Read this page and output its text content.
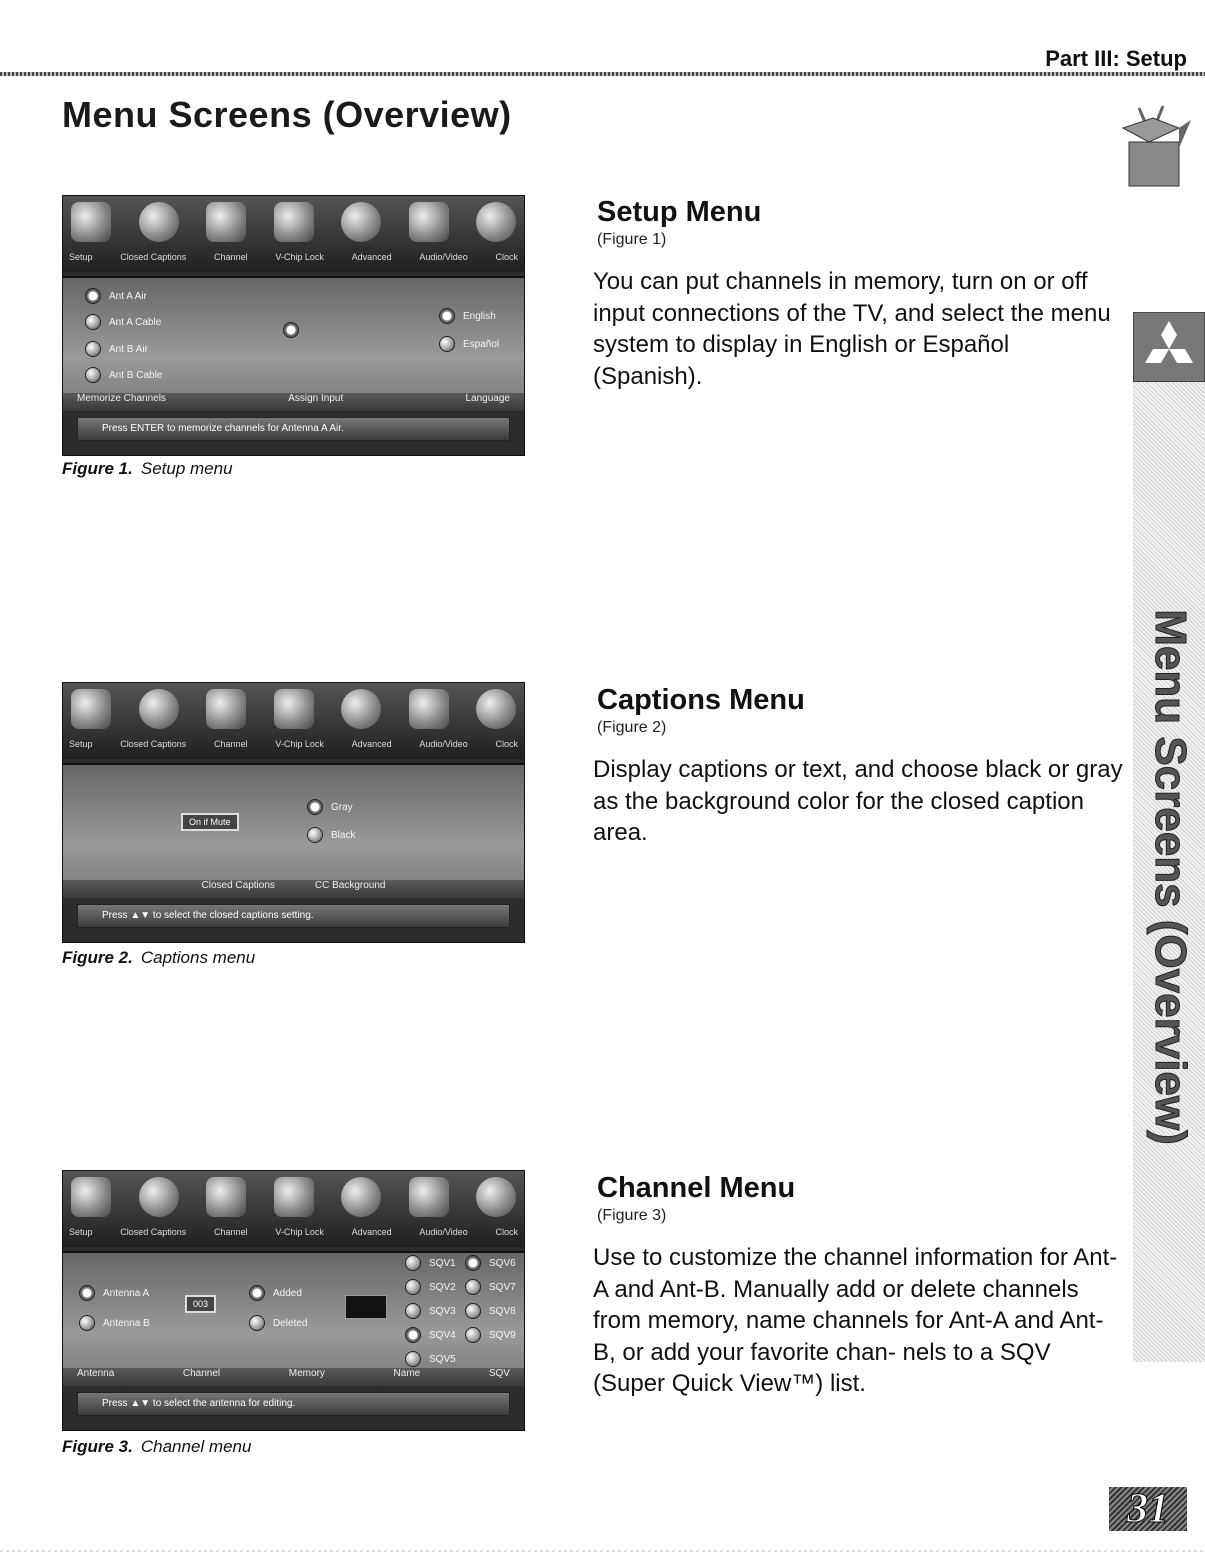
Part III: Setup
Menu Screens (Overview)
Menu Screens (Overview)
Setup	Closed Captions	Channel	V-Chip Lock	Advanced	Audio/Video	Clock
Ant A Air
Ant A Cable
Ant B Air
Ant B Cable
English
Español
Memorize Channels	Assign Input	Language
Press ENTER to memorize channels for Antenna A Air.
Figure 1. Setup menu
Setup Menu
(Figure 1)

You can put channels in memory, turn on or off input connections of the TV, and select the menu system to display in English or Español (Spanish).

Setup	Closed Captions	Channel	V-Chip Lock	Advanced	Audio/Video	Clock
On if Mute
Gray
Black
Closed Captions	CC Background
Press ▲▼ to select the closed captions setting.
Figure 2. Captions menu
Captions Menu
(Figure 2)

Display captions or text, and choose black or gray as the background color for the closed caption area.

Setup	Closed Captions	Channel	V-Chip Lock	Advanced	Audio/Video	Clock
Antenna A
Antenna B
003
Added
Deleted
SQV1
SQV2
SQV3
SQV4
SQV5
SQV6
SQV7
SQV8
SQV9
Antenna	Channel	Memory	Name	SQV
Press ▲▼ to select the antenna for editing.
Figure 3. Channel menu
Channel Menu
(Figure 3)

Use to customize the channel information for Ant-A and Ant-B. Manually add or delete channels from memory, name channels for Ant-A and Ant-B, or add your favorite chan- nels to a SQV (Super Quick View™) list.

31
